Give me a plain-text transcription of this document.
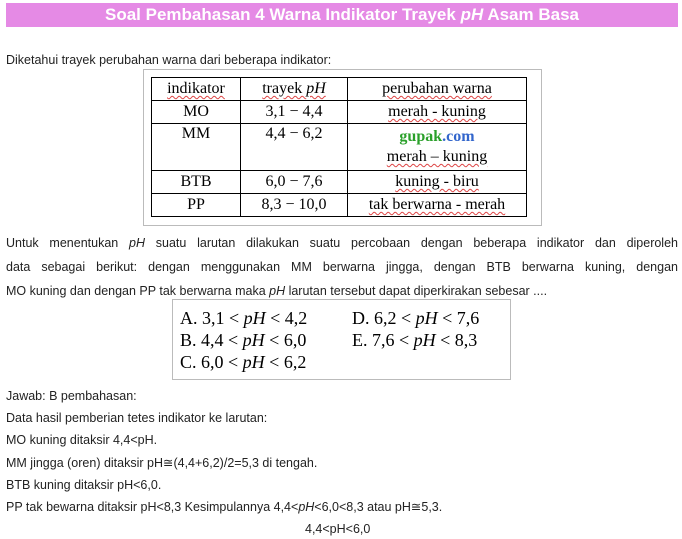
Soal Pembahasan 4 Warna Indikator Trayek pH Asam Basa
Diketahui trayek perubahan warna dari beberapa indikator:
indikator	trayek pH	perubahan warna
MO	3,1 − 4,4	merah - kuning
MM	4,4 − 6,2	gupak.com
merah – kuning

BTB	6,0 − 7,6	kuning - biru
PP	8,3 − 10,0	tak berwarna - merah
Untuk menentukan pH suatu larutan dilakukan suatu percobaan dengan beberapa indikator dan diperoleh
data sebagai berikut: dengan menggunakan MM berwarna jingga, dengan BTB berwarna kuning, dengan
MO kuning dan dengan PP tak berwarna maka pH larutan tersebut dapat diperkirakan sebesar ....
A. 3,1 < pH < 4,2
B. 4,4 < pH < 6,0
C. 6,0 < pH < 6,2
D. 6,2 < pH < 7,6
E. 7,6 < pH < 8,3
Jawab: B pembahasan:
Data hasil pemberian tetes indikator ke larutan:
MO kuning ditaksir 4,4<pH.
MM jingga (oren) ditaksir pH≅(4,4+6,2)/2=5,3 di tengah.
BTB kuning ditaksir pH<6,0.
PP tak bewarna ditaksir pH<8,3 Kesimpulannya 4,4<pH<6,0<8,3 atau pH≅5,3.
4,4<pH<6,0
